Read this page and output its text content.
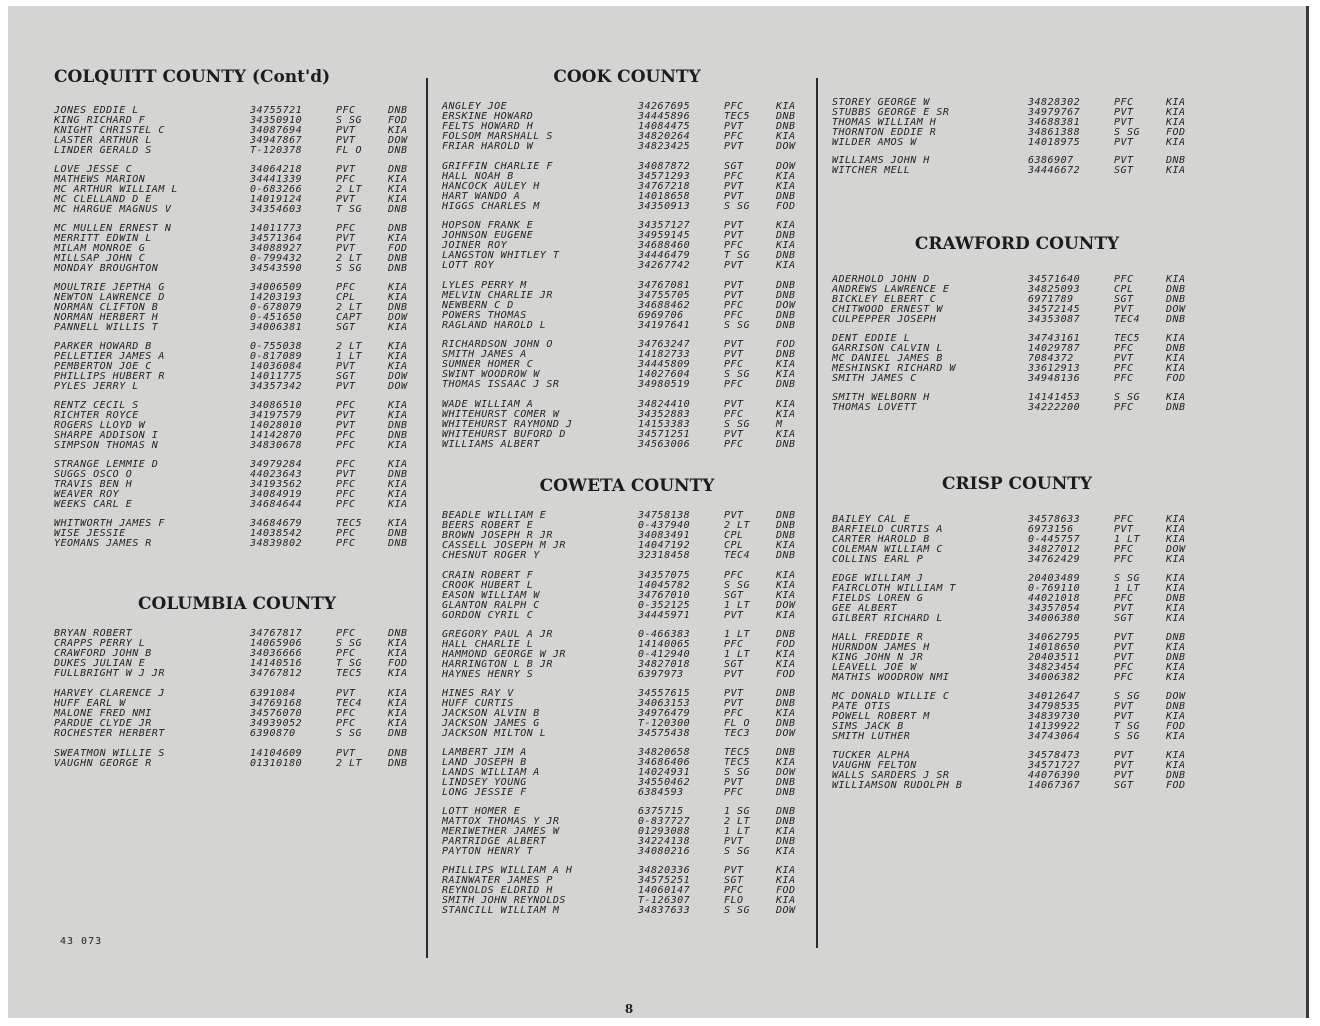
COLQUITT COUNTY (Cont'd)
JONES EDDIE L	34755721	PFC	DNB
KING RICHARD F	34350910	S SG	FOD
KNIGHT CHRISTEL C	34087694	PVT	KIA
LASTER ARTHUR L	34947867	PVT	DOW
LINDER GERALD S	T-120378	FL O	DNB
LOVE JESSE C	34064218	PVT	DNB
MATHEWS MARION	34441339	PFC	KIA
MC ARTHUR WILLIAM L	0-683266	2 LT	KIA
MC CLELLAND D E	14019124	PVT	KIA
MC HARGUE MAGNUS V	34354603	T SG	DNB
MC MULLEN ERNEST N	14011773	PFC	DNB
MERRITT EDWIN L	34571364	PVT	KIA
MILAM MONROE G	34088927	PVT	FOD
MILLSAP JOHN C	0-799432	2 LT	DNB
MONDAY BROUGHTON	34543590	S SG	DNB
MOULTRIE JEPTHA G	34006509	PFC	KIA
NEWTON LAWRENCE D	14203193	CPL	KIA
NORMAN CLIFTON B	0-678079	2 LT	DNB
NORMAN HERBERT H	0-451650	CAPT	DOW
PANNELL WILLIS T	34006381	SGT	KIA
PARKER HOWARD B	0-755038	2 LT	KIA
PELLETIER JAMES A	0-817089	1 LT	KIA
PEMBERTON JOE C	14036084	PVT	KIA
PHILLIPS HUBERT R	14011775	SGT	DOW
PYLES JERRY L	34357342	PVT	DOW
RENTZ CECIL S	34086510	PFC	KIA
RICHTER ROYCE	34197579	PVT	KIA
ROGERS LLOYD W	14028010	PVT	DNB
SHARPE ADDISON I	14142870	PFC	DNB
SIMPSON THOMAS N	34830678	PFC	KIA
STRANGE LEMMIE D	34979284	PFC	KIA
SUGGS OSCO O	44023643	PVT	DNB
TRAVIS BEN H	34193562	PFC	KIA
WEAVER ROY	34084919	PFC	KIA
WEEKS CARL E	34684644	PFC	KIA
WHITWORTH JAMES F	34684679	TEC5	KIA
WISE JESSIE	14038542	PFC	DNB
YEOMANS JAMES R	34839802	PFC	DNB
COLUMBIA COUNTY
BRYAN ROBERT	34767817	PFC	DNB
CRAPPS PERRY L	14065906	S SG	KIA
CRAWFORD JOHN B	34036666	PFC	KIA
DUKES JULIAN E	14140516	T SG	FOD
FULLBRIGHT W J JR	34767812	TEC5	KIA
HARVEY CLARENCE J	6391084	PVT	KIA
HUFF EARL W	34769168	TEC4	KIA
MALONE FRED NMI	34576070	PFC	KIA
PARDUE CLYDE JR	34939052	PFC	KIA
ROCHESTER HERBERT	6390870	S SG	DNB
SWEATMON WILLIE S	14104609	PVT	DNB
VAUGHN GEORGE R	01310180	2 LT	DNB
COOK COUNTY
ANGLEY JOE	34267695	PFC	KIA
ERSKINE HOWARD	34445896	TEC5	DNB
FELTS HOWARD H	14084475	PVT	DNB
FOLSOM MARSHALL S	34820264	PFC	KIA
FRIAR HAROLD W	34823425	PVT	DOW
GRIFFIN CHARLIE F	34087872	SGT	DOW
HALL NOAH B	34571293	PFC	KIA
HANCOCK AULEY H	34767218	PVT	KIA
HART WANDO A	14018658	PVT	DNB
HIGGS CHARLES M	34350913	S SG	FOD
HOPSON FRANK E	34357127	PVT	KIA
JOHNSON EUGENE	34959145	PVT	DNB
JOINER ROY	34688460	PFC	KIA
LANGSTON WHITLEY T	34446479	T SG	DNB
LOTT ROY	34267742	PVT	KIA
LYLES PERRY M	34767081	PVT	DNB
MELVIN CHARLIE JR	34755705	PVT	DNB
NEWBERN C D	34688462	PFC	DOW
POWERS THOMAS	6969706	PFC	DNB
RAGLAND HAROLD L	34197641	S SG	DNB
RICHARDSON JOHN O	34763247	PVT	FOD
SMITH JAMES A	14182733	PVT	DNB
SUMNER HOMER C	34445809	PFC	KIA
SWINT WOODROW W	14027604	S SG	KIA
THOMAS ISSAAC J SR	34980519	PFC	DNB
WADE WILLIAM A	34824410	PVT	KIA
WHITEHURST COMER W	34352883	PFC	KIA
WHITEHURST RAYMOND J	14153383	S SG	M
WHITEHURST BUFORD D	34571251	PVT	KIA
WILLIAMS ALBERT	34563006	PFC	DNB
COWETA COUNTY
BEADLE WILLIAM E	34758138	PVT	DNB
BEERS ROBERT E	0-437940	2 LT	DNB
BROWN JOSEPH R JR	34083491	CPL	DNB
CASSELL JOSEPH M JR	14047192	CPL	KIA
CHESNUT ROGER Y	32318458	TEC4	DNB
CRAIN ROBERT F	34357075	PFC	KIA
CROOK HUBERT L	14045782	S SG	KIA
EASON WILLIAM W	34767010	SGT	KIA
GLANTON RALPH C	0-352125	1 LT	DOW
GORDON CYRIL C	34445971	PVT	KIA
GREGORY PAUL A JR	0-466383	1 LT	DNB
HALL CHARLIE L	14140065	PFC	FOD
HAMMOND GEORGE W JR	0-412940	1 LT	KIA
HARRINGTON L B JR	34827018	SGT	KIA
HAYNES HENRY S	6397973	PVT	FOD
HINES RAY V	34557615	PVT	DNB
HUFF CURTIS	34063153	PVT	DNB
JACKSON ALVIN B	34976479	PFC	KIA
JACKSON JAMES G	T-120300	FL O	DNB
JACKSON MILTON L	34575438	TEC3	DOW
LAMBERT JIM A	34820658	TEC5	DNB
LAND JOSEPH B	34686406	TEC5	KIA
LANDS WILLIAM A	14024931	S SG	DOW
LINDSEY YOUNG	34550462	PVT	DNB
LONG JESSIE F	6384593	PFC	DNB
LOTT HOMER E	6375715	1 SG	DNB
MATTOX THOMAS Y JR	0-837727	2 LT	DNB
MERIWETHER JAMES W	01293088	1 LT	KIA
PARTRIDGE ALBERT	34224138	PVT	DNB
PAYTON HENRY T	34080216	S SG	KIA
PHILLIPS WILLIAM A H	34820336	PVT	KIA
RAINWATER JAMES P	34575251	SGT	KIA
REYNOLDS ELDRID H	14060147	PFC	FOD
SMITH JOHN REYNOLDS	T-126307	FLO	KIA
STANCILL WILLIAM M	34837633	S SG	DOW
STOREY GEORGE W	34828302	PFC	KIA
STUBBS GEORGE E SR	34979767	PVT	KIA
THOMAS WILLIAM H	34688381	PVT	KIA
THORNTON EDDIE R	34861388	S SG	FOD
WILDER AMOS W	14018975	PVT	KIA
WILLIAMS JOHN H	6386907	PVT	DNB
WITCHER MELL	34446672	SGT	KIA
CRAWFORD COUNTY
ADERHOLD JOHN D	34571640	PFC	KIA
ANDREWS LAWRENCE E	34825093	CPL	DNB
BICKLEY ELBERT C	6971789	SGT	DNB
CHITWOOD ERNEST W	34572145	PVT	DOW
CULPEPPER JOSEPH	34353087	TEC4	DNB
DENT EDDIE L	34743161	TEC5	KIA
GARRISON CALVIN L	14029787	PFC	DNB
MC DANIEL JAMES B	7084372	PVT	KIA
MESHINSKI RICHARD W	33612913	PFC	KIA
SMITH JAMES C	34948136	PFC	FOD
SMITH WELBORN H	14141453	S SG	KIA
THOMAS LOVETT	34222200	PFC	DNB
CRISP COUNTY
BAILEY CAL E	34578633	PFC	KIA
BARFIELD CURTIS A	6973156	PVT	KIA
CARTER HAROLD B	0-445757	1 LT	KIA
COLEMAN WILLIAM C	34827012	PFC	DOW
COLLINS EARL P	34762429	PFC	KIA
EDGE WILLIAM J	20403489	S SG	KIA
FAIRCLOTH WILLIAM T	0-769110	1 LT	KIA
FIELDS LOREN G	44021018	PFC	DNB
GEE ALBERT	34357054	PVT	KIA
GILBERT RICHARD L	34006380	SGT	KIA
HALL FREDDIE R	34062795	PVT	DNB
HURNDON JAMES H	14018650	PVT	KIA
KING JOHN N JR	20403511	PVT	DNB
LEAVELL JOE W	34823454	PFC	KIA
MATHIS WOODROW NMI	34006382	PFC	KIA
MC DONALD WILLIE C	34012647	S SG	DOW
PATE OTIS	34798535	PVT	DNB
POWELL ROBERT M	34839730	PVT	KIA
SIMS JACK B	14139922	T SG	FOD
SMITH LUTHER	34743064	S SG	KIA
TUCKER ALPHA	34578473	PVT	KIA
VAUGHN FELTON	34571727	PVT	KIA
WALLS SARDERS J SR	44076390	PVT	DNB
WILLIAMSON RUDOLPH B	14067367	SGT	FOD
43 073
8
